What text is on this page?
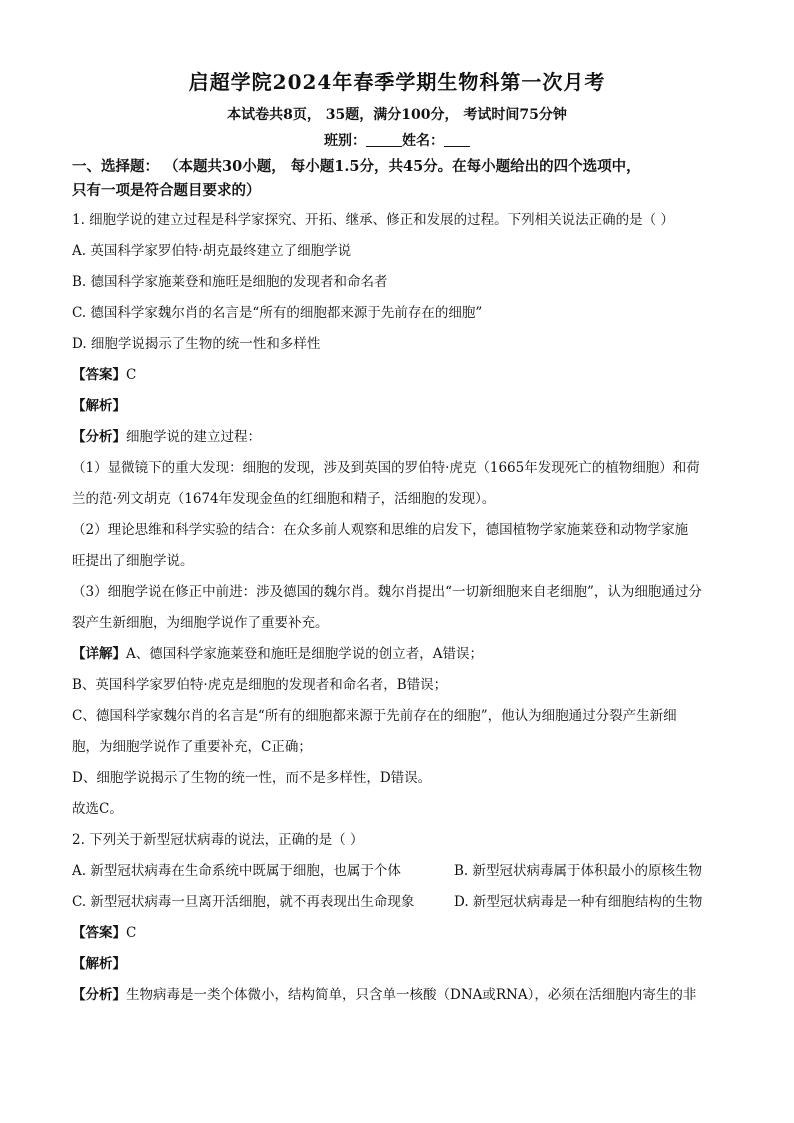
启超学院2024年春季学期生物科第一次月考
本试卷共8页， 35题，满分100分， 考试时间75分钟
班别：	姓名：
一、选择题： （本题共30小题， 每小题1.5分，共45分。在每小题给出的四个选项中，
只有一项是符合题目要求的）
1. 细胞学说的建立过程是科学家探究、开拓、继承、修正和发展的过程。下列相关说法正确的是（ ）
A. 英国科学家罗伯特·胡克最终建立了细胞学说
B. 德国科学家施莱登和施旺是细胞的发现者和命名者
C. 德国科学家魏尔肖的名言是“所有的细胞都来源于先前存在的细胞”
D. 细胞学说揭示了生物的统一性和多样性
【答案】C
【解析】
【分析】细胞学说的建立过程：
（1）显微镜下的重大发现：细胞的发现，涉及到英国的罗伯特·虎克（1665年发现死亡的植物细胞）和荷
兰的范·列文胡克（1674年发现金鱼的红细胞和精子，活细胞的发现）。
（2）理论思维和科学实验的结合：在众多前人观察和思维的启发下，德国植物学家施莱登和动物学家施
旺提出了细胞学说。
（3）细胞学说在修正中前进：涉及德国的魏尔肖。魏尔肖提出“一切新细胞来自老细胞”，认为细胞通过分
裂产生新细胞，为细胞学说作了重要补充。
【详解】A、德国科学家施莱登和施旺是细胞学说的创立者，A错误；
B、英国科学家罗伯特·虎克是细胞的发现者和命名者，B错误；
C、德国科学家魏尔肖的名言是“所有的细胞都来源于先前存在的细胞”，他认为细胞通过分裂产生新细
胞，为细胞学说作了重要补充，C正确；
D、细胞学说揭示了生物的统一性，而不是多样性，D错误。
故选C。
2. 下列关于新型冠状病毒的说法，正确的是（ ）
A. 新型冠状病毒在生命系统中既属于细胞，也属于个体	B. 新型冠状病毒属于体积最小的原核生物
C. 新型冠状病毒一旦离开活细胞，就不再表现出生命现象	D. 新型冠状病毒是一种有细胞结构的生物
【答案】C
【解析】
【分析】生物病毒是一类个体微小，结构简单，只含单一核酸（DNA或RNA），必须在活细胞内寄生的非
